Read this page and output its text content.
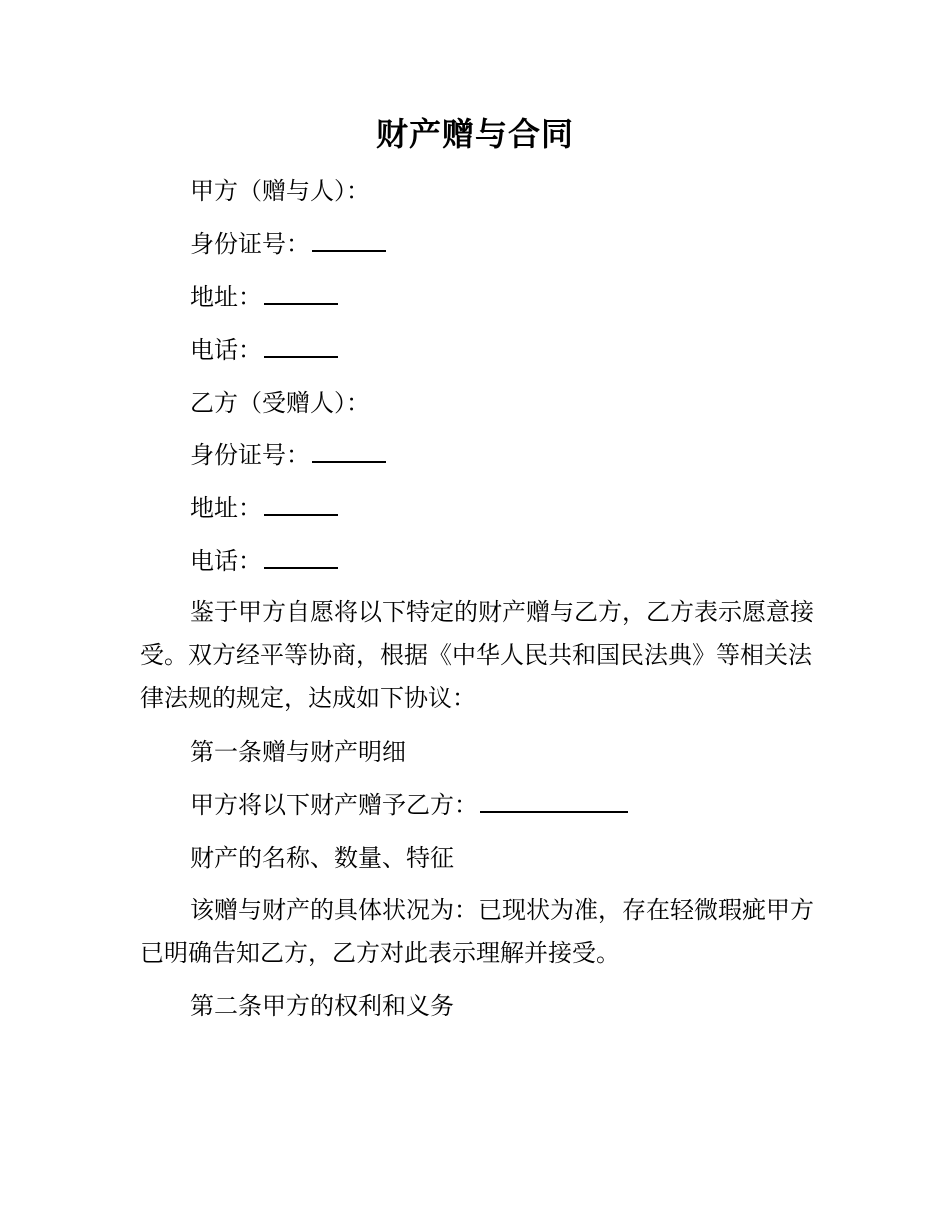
财产赠与合同
甲方（赠与人）：
身份证号：
地址：
电话：
乙方（受赠人）：
身份证号：
地址：
电话：
鉴于甲方自愿将以下特定的财产赠与乙方，乙方表示愿意接受。双方经平等协商，根据《中华人民共和国民法典》等相关法律法规的规定，达成如下协议：
第一条赠与财产明细
甲方将以下财产赠予乙方：
财产的名称、数量、特征
该赠与财产的具体状况为：已现状为准，存在轻微瑕疵甲方已明确告知乙方，乙方对此表示理解并接受。
第二条甲方的权利和义务
